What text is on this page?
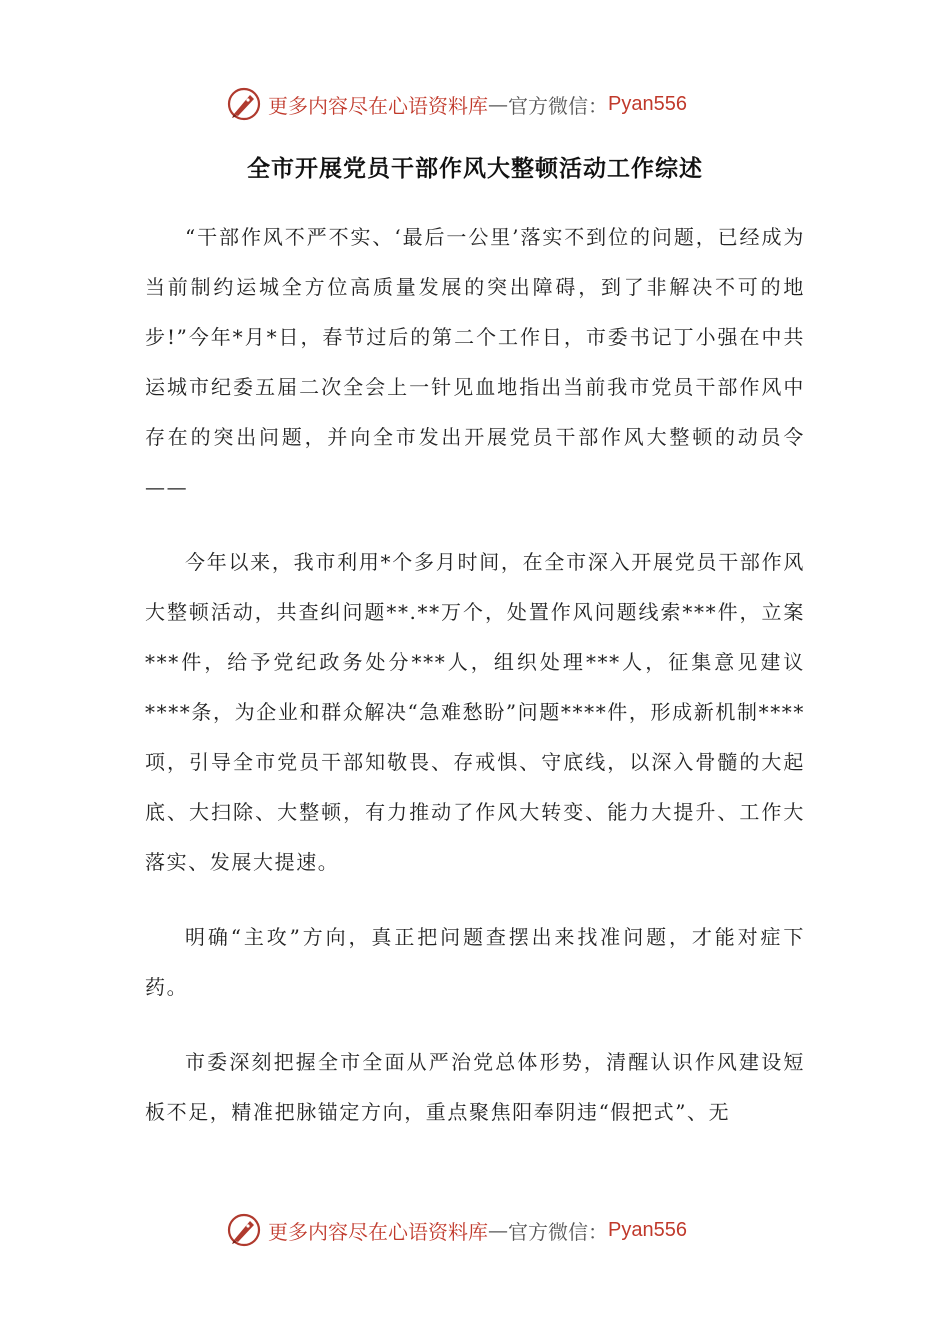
更多内容尽在心语资料库 — 官方微信： Pyan556
全市开展党员干部作风大整顿活动工作综述

“干部作风不严不实、‘最后一公里’落实不到位的问题，已经成为当前制约运城全方位高质量发展的突出障碍，到了非解决不可的地步!”今年*月*日，春节过后的第二个工作日，市委书记丁小强在中共运城市纪委五届二次全会上一针见血地指出当前我市党员干部作风中存在的突出问题，并向全市发出开展党员干部作风大整顿的动员令——

今年以来，我市利用*个多月时间，在全市深入开展党员干部作风大整顿活动，共查纠问题**.**万个，处置作风问题线索***件，立案***件，给予党纪政务处分***人，组织处理***人，征集意见建议****条，为企业和群众解决“急难愁盼”问题****件，形成新机制****项，引导全市党员干部知敬畏、存戒惧、守底线，以深入骨髓的大起底、大扫除、大整顿，有力推动了作风大转变、能力大提升、工作大落实、发展大提速。

明确“主攻”方向，真正把问题查摆出来找准问题，才能对症下药。

市委深刻把握全市全面从严治党总体形势，清醒认识作风建设短板不足，精准把脉锚定方向，重点聚焦阳奉阴违“假把式”、无

更多内容尽在心语资料库 — 官方微信： Pyan556
